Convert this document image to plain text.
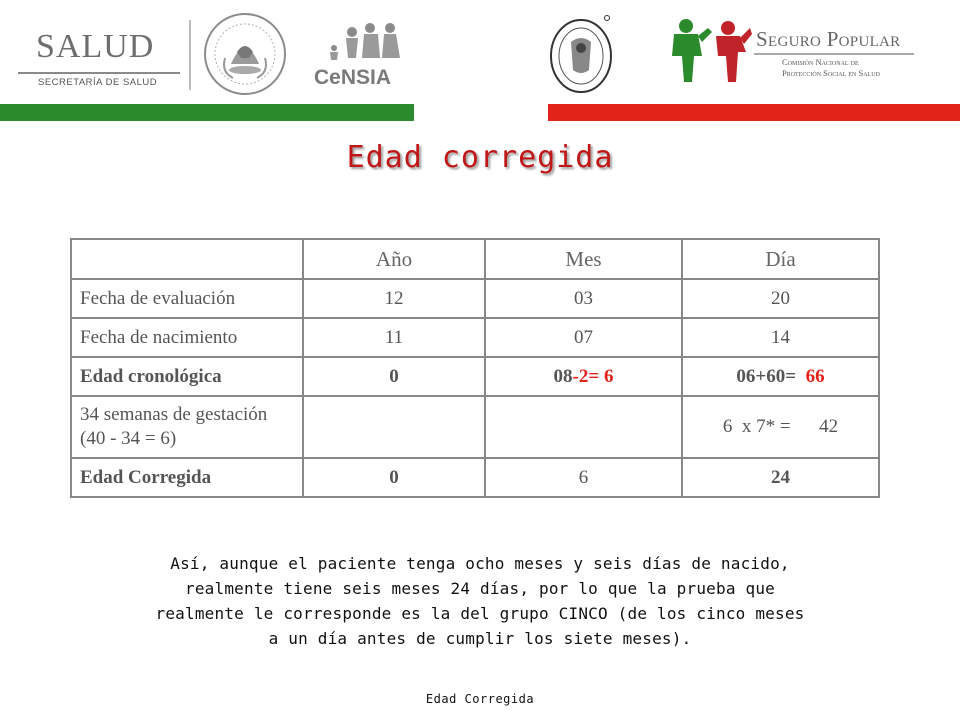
SALUD
SECRETARÍA DE SALUD	CeNSIA
Seguro Popular
Comisión Nacional de
Protección Social en Salud
Edad corregida
	Año	Mes	Día
Fecha de evaluación	12	03	20
Fecha de nacimiento	11	07	14
Edad cronológica	0	08-2= 6	06+60= 66

34 semanas de gestación
(40 - 34 = 6)			6  x 7* = 42
Edad Corregida	0	6	24
Así, aunque el paciente tenga ocho meses y seis días de nacido,
realmente tiene seis meses 24 días, por lo que la prueba que
realmente le corresponde es la del grupo CINCO (de los cinco meses
a un día antes de cumplir los siete meses).
Edad Corregida
